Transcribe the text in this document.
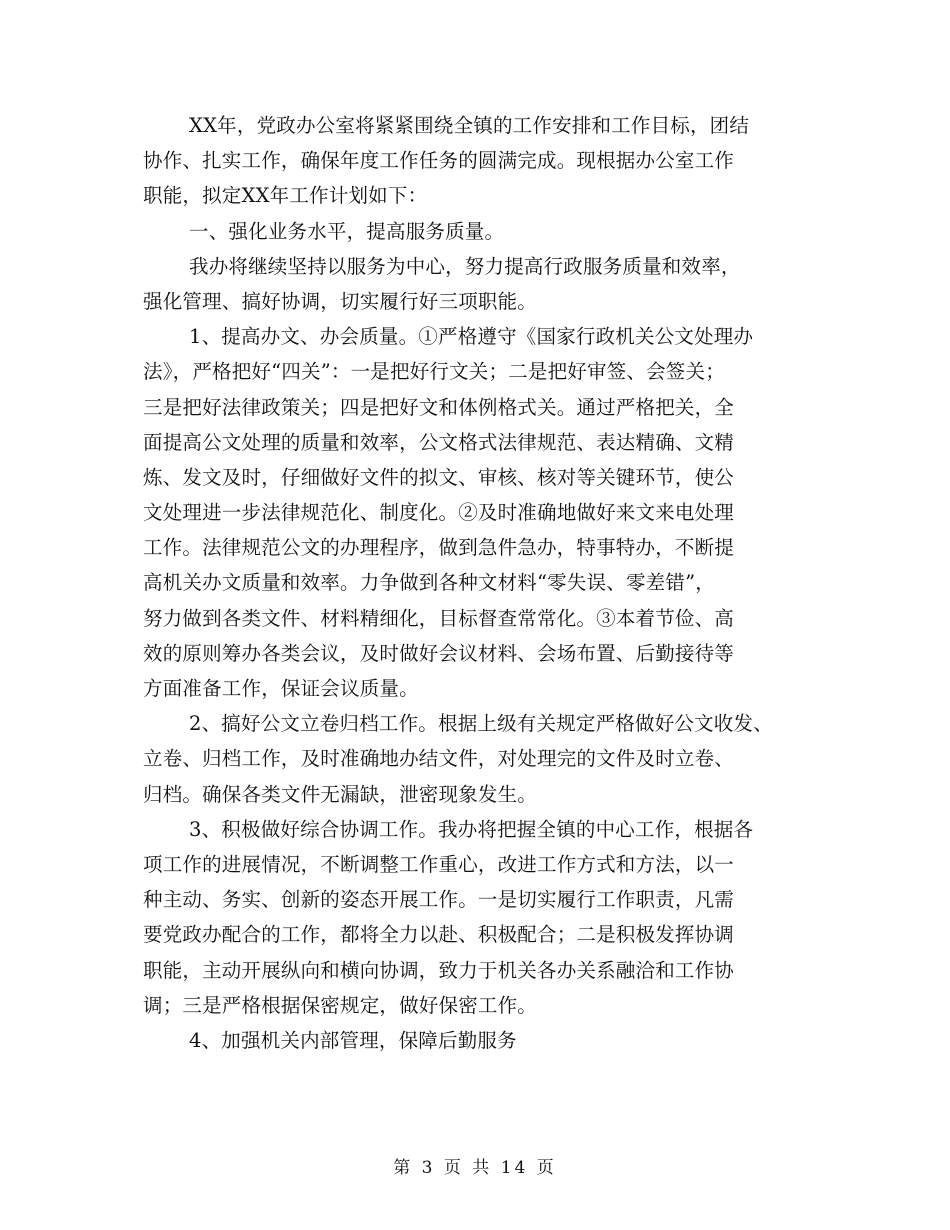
XX年，党政办公室将紧紧围绕全镇的工作安排和工作目标，团结
协作、扎实工作，确保年度工作任务的圆满完成。现根据办公室工作
职能，拟定XX年工作计划如下：
一、强化业务水平，提高服务质量。
我办将继续坚持以服务为中心，努力提高行政服务质量和效率，
强化管理、搞好协调，切实履行好三项职能。
1、提高办文、办会质量。①严格遵守《国家行政机关公文处理办
法》，严格把好“四关”：一是把好行文关；二是把好审签、会签关；
三是把好法律政策关；四是把好文和体例格式关。通过严格把关，全
面提高公文处理的质量和效率，公文格式法律规范、表达精确、文精
炼、发文及时，仔细做好文件的拟文、审核、核对等关键环节，使公
文处理进一步法律规范化、制度化。②及时准确地做好来文来电处理
工作。法律规范公文的办理程序，做到急件急办，特事特办，不断提
高机关办文质量和效率。力争做到各种文材料“零失误、零差错”，
努力做到各类文件、材料精细化，目标督查常常化。③本着节俭、高
效的原则筹办各类会议，及时做好会议材料、会场布置、后勤接待等
方面准备工作，保证会议质量。
2、搞好公文立卷归档工作。根据上级有关规定严格做好公文收发、
立卷、归档工作，及时准确地办结文件，对处理完的文件及时立卷、
归档。确保各类文件无漏缺，泄密现象发生。
3、积极做好综合协调工作。我办将把握全镇的中心工作，根据各
项工作的进展情况，不断调整工作重心，改进工作方式和方法，以一
种主动、务实、创新的姿态开展工作。一是切实履行工作职责，凡需
要党政办配合的工作，都将全力以赴、积极配合；二是积极发挥协调
职能，主动开展纵向和横向协调，致力于机关各办关系融洽和工作协
调；三是严格根据保密规定，做好保密工作。
4、加强机关内部管理，保障后勤服务
第 3 页 共 14 页
